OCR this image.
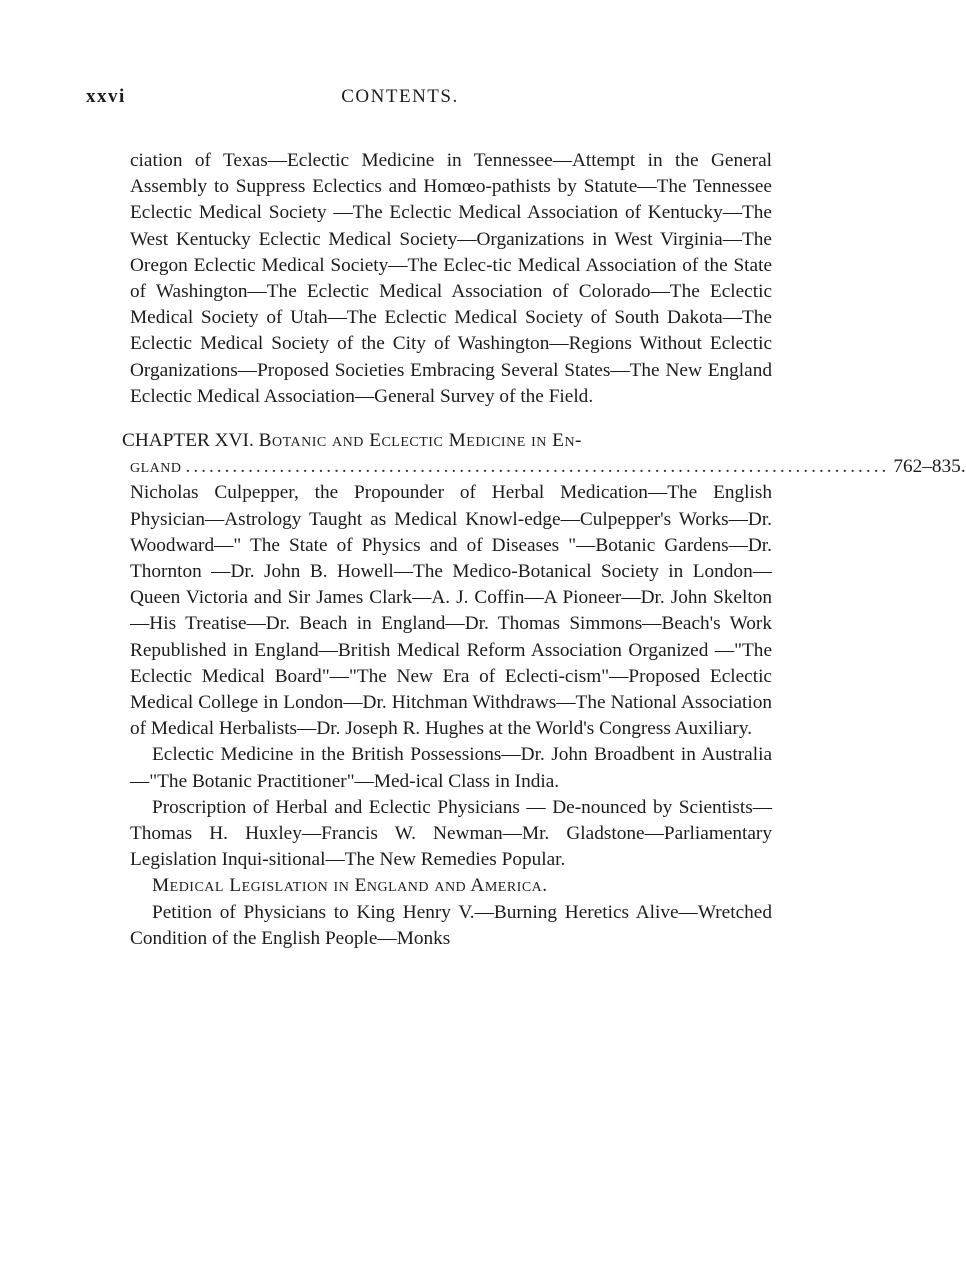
xxvi	CONTENTS.

ciation of Texas—Eclectic Medicine in Tennessee—Attempt in the General Assembly to Suppress Eclectics and Homœo-pathists by Statute—The Tennessee Eclectic Medical Society —The Eclectic Medical Association of Kentucky—The West Kentucky Eclectic Medical Society—Organizations in West Virginia—The Oregon Eclectic Medical Society—The Eclec-tic Medical Association of the State of Washington—The Eclectic Medical Association of Colorado—The Eclectic Medical Society of Utah—The Eclectic Medical Society of South Dakota—The Eclectic Medical Society of the City of Washington—Regions Without Eclectic Organizations—Proposed Societies Embracing Several States—The New England Eclectic Medical Association—General Survey of the Field.

CHAPTER XVI. Botanic and Eclectic Medicine in En-
gland .......................................................................................... 762–835.

Nicholas Culpepper, the Propounder of Herbal Medication—The English Physician—Astrology Taught as Medical Knowl-edge—Culpepper's Works—Dr. Woodward—" The State of Physics and of Diseases "—Botanic Gardens—Dr. Thornton —Dr. John B. Howell—The Medico-Botanical Society in London—Queen Victoria and Sir James Clark—A. J. Coffin—A Pioneer—Dr. John Skelton—His Treatise—Dr. Beach in England—Dr. Thomas Simmons—Beach's Work Republished in England—British Medical Reform Association Organized —"The Eclectic Medical Board"—"The New Era of Eclecti-cism"—Proposed Eclectic Medical College in London—Dr. Hitchman Withdraws—The National Association of Medical Herbalists—Dr. Joseph R. Hughes at the World's Congress Auxiliary.

Eclectic Medicine in the British Possessions—Dr. John Broadbent in Australia—"The Botanic Practitioner"—Med-ical Class in India.

Proscription of Herbal and Eclectic Physicians — De-nounced by Scientists—Thomas H. Huxley—Francis W. Newman—Mr. Gladstone—Parliamentary Legislation Inqui-sitional—The New Remedies Popular.

Medical Legislation in England and America.

Petition of Physicians to King Henry V.—Burning Heretics Alive—Wretched Condition of the English People—Monks
